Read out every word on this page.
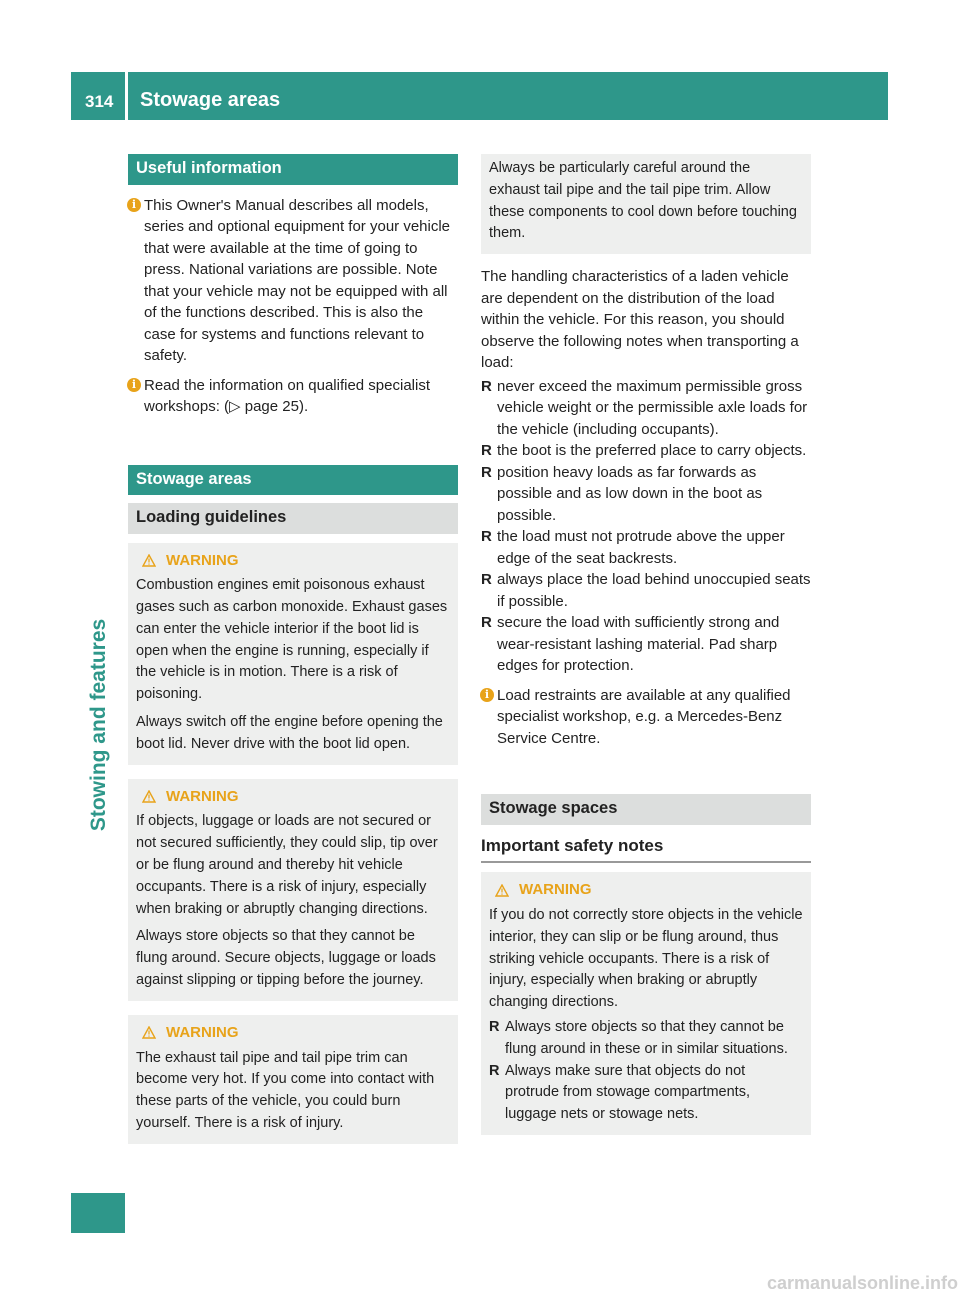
314	Stowage areas
Stowing and features
Useful information
i This Owner's Manual describes all models, series and optional equipment for your vehicle that were available at the time of going to press. National variations are possible. Note that your vehicle may not be equipped with all of the functions described. This is also the case for systems and functions relevant to safety.

i Read the information on qualified specialist workshops: (▷ page 25).

Stowage areas
Loading guidelines
WARNING

Combustion engines emit poisonous exhaust gases such as carbon monoxide. Exhaust gases can enter the vehicle interior if the boot lid is open when the engine is running, especially if the vehicle is in motion. There is a risk of poisoning.

Always switch off the engine before opening the boot lid. Never drive with the boot lid open.

WARNING

If objects, luggage or loads are not secured or not secured sufficiently, they could slip, tip over or be flung around and thereby hit vehicle occupants. There is a risk of injury, especially when braking or abruptly changing directions.

Always store objects so that they cannot be flung around. Secure objects, luggage or loads against slipping or tipping before the journey.

WARNING

The exhaust tail pipe and tail pipe trim can become very hot. If you come into contact with these parts of the vehicle, you could burn yourself. There is a risk of injury.

Always be particularly careful around the exhaust tail pipe and the tail pipe trim. Allow these components to cool down before touching them.

The handling characteristics of a laden vehicle are dependent on the distribution of the load within the vehicle. For this reason, you should observe the following notes when transporting a load:

R never exceed the maximum permissible gross vehicle weight or the permissible axle loads for the vehicle (including occupants).
R the boot is the preferred place to carry objects.
R position heavy loads as far forwards as possible and as low down in the boot as possible.
R the load must not protrude above the upper edge of the seat backrests.
R always place the load behind unoccupied seats if possible.
R secure the load with sufficiently strong and wear-resistant lashing material. Pad sharp edges for protection.
i Load restraints are available at any qualified specialist workshop, e.g. a Mercedes-Benz Service Centre.

Stowage spaces
Important safety notes
WARNING

If you do not correctly store objects in the vehicle interior, they can slip or be flung around, thus striking vehicle occupants. There is a risk of injury, especially when braking or abruptly changing directions.

R Always store objects so that they cannot be flung around in these or in similar situations.
R Always make sure that objects do not protrude from stowage compartments, luggage nets or stowage nets.
carmanualsonline.info
